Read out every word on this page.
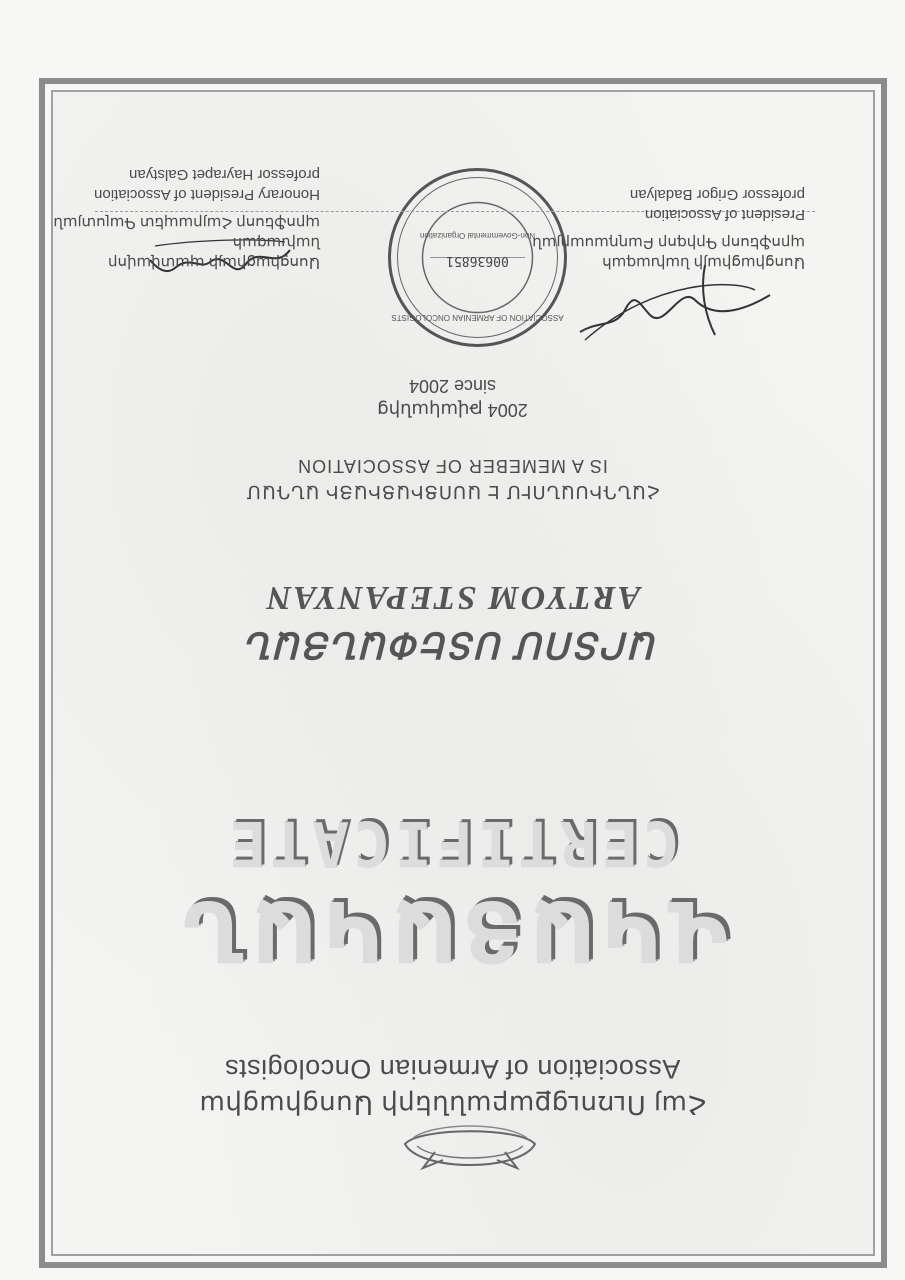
Հայ Ուռուցքաբանների Ասոցիացիա
Association of Armenian Oncologists
ՎԿԱՅԱԿԱՆ
CERTIFICATE
ԱՐՏՈՄ ՍՏԵՓԱՆՅԱՆ
ARTYOM STEPANYAN
ՀԱՆԴԻՍԱՆՈՒՄ Է ԱՍՈՑԻԱՑԻԱՅԻ ԱՆԴԱՄ
IS A MEMEBER OF ASSOCIATION
2004 թվականից
since 2004
ASSOCIATION OF ARMENIAN ONCOLOGISTS
00636851
Non-Governmental Organization
Ասոցիացիայի նախագահ
պրոֆեսոր Գրիգոր Բաղդասարյան
President of Association
professor Grigor Badalyan
Ասոցիացիայի պատվավոր նախագահ
պրոֆեսոր Հայրապետ Գալստյան
Honorary President of Association
professor Hayrapet Galstyan
